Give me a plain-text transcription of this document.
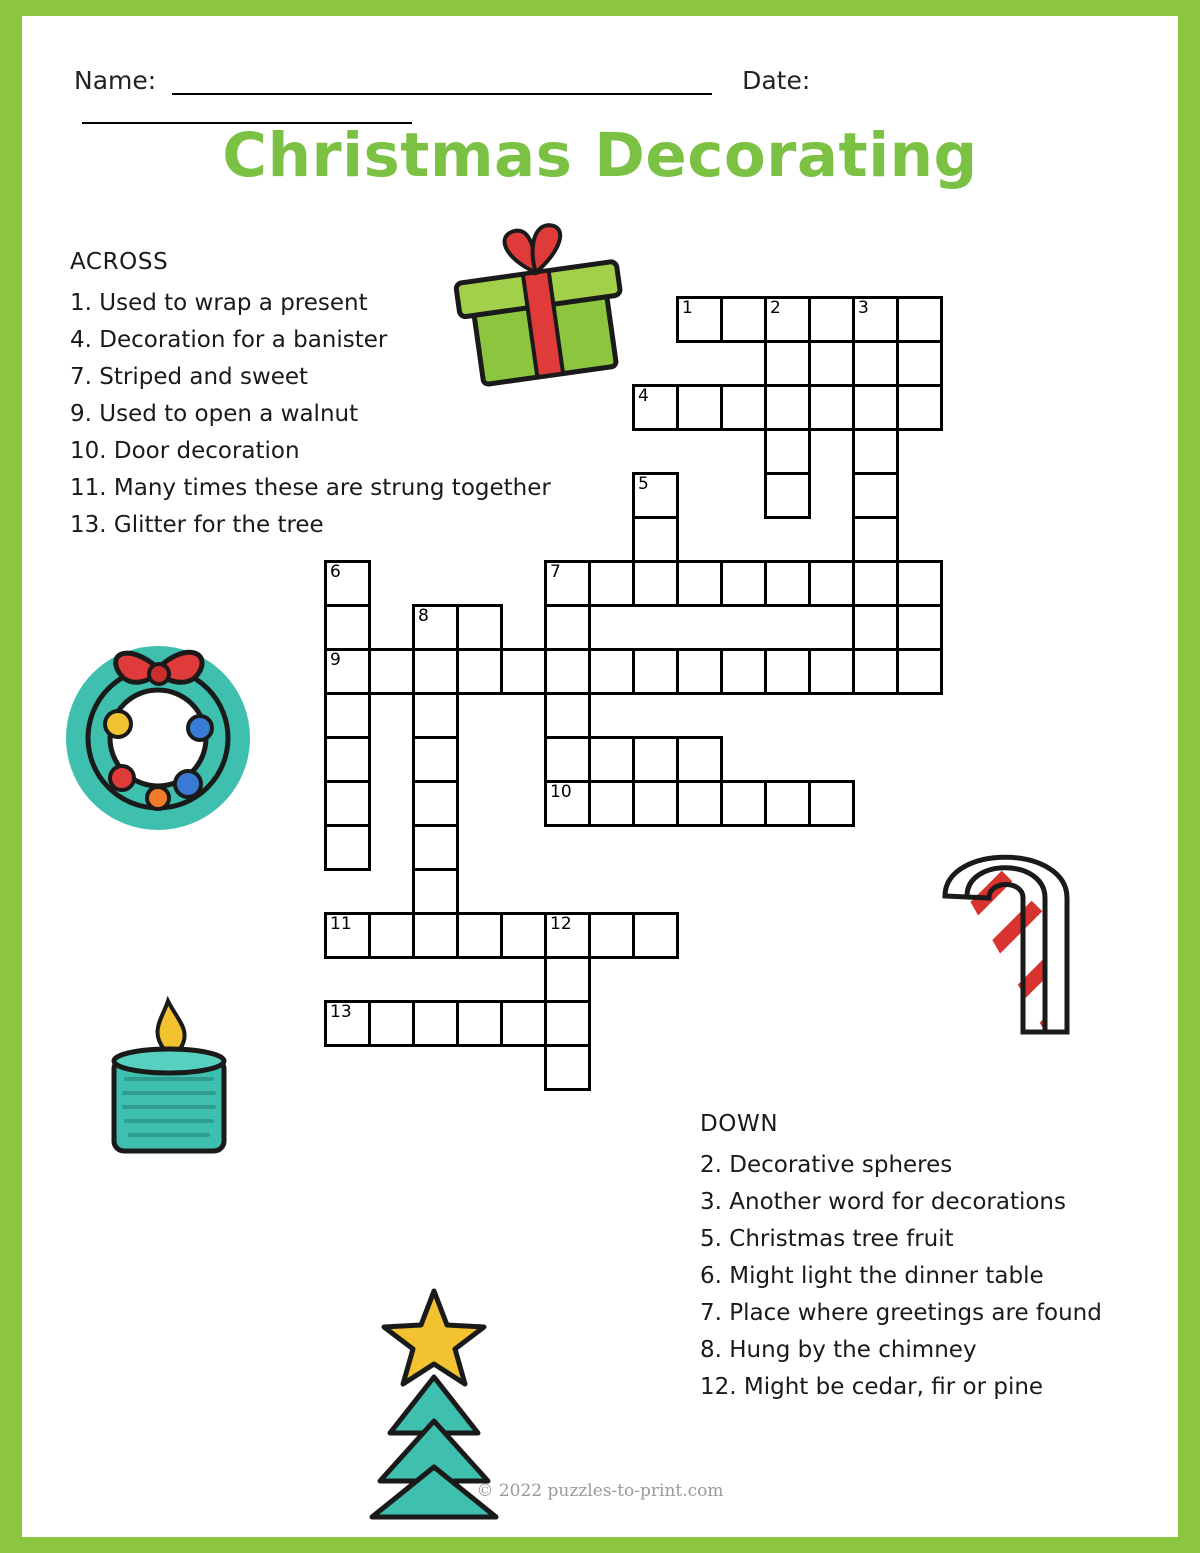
Name:	Date:
Christmas Decorating
ACROSS
1. Used to wrap a present
4. Decoration for a banister
7. Striped and sweet
9. Used to open a walnut
10. Door decoration
11. Many times these are strung together
13. Glitter for the tree
DOWN
2. Decorative spheres
3. Another word for decorations
5. Christmas tree fruit
6. Might light the dinner table
7. Place where greetings are found
8. Hung by the chimney
12. Might be cedar, fir or pine
1	2	3
4
5
6	7
8
9
10
11	12
13
© 2022 puzzles-to-print.com
